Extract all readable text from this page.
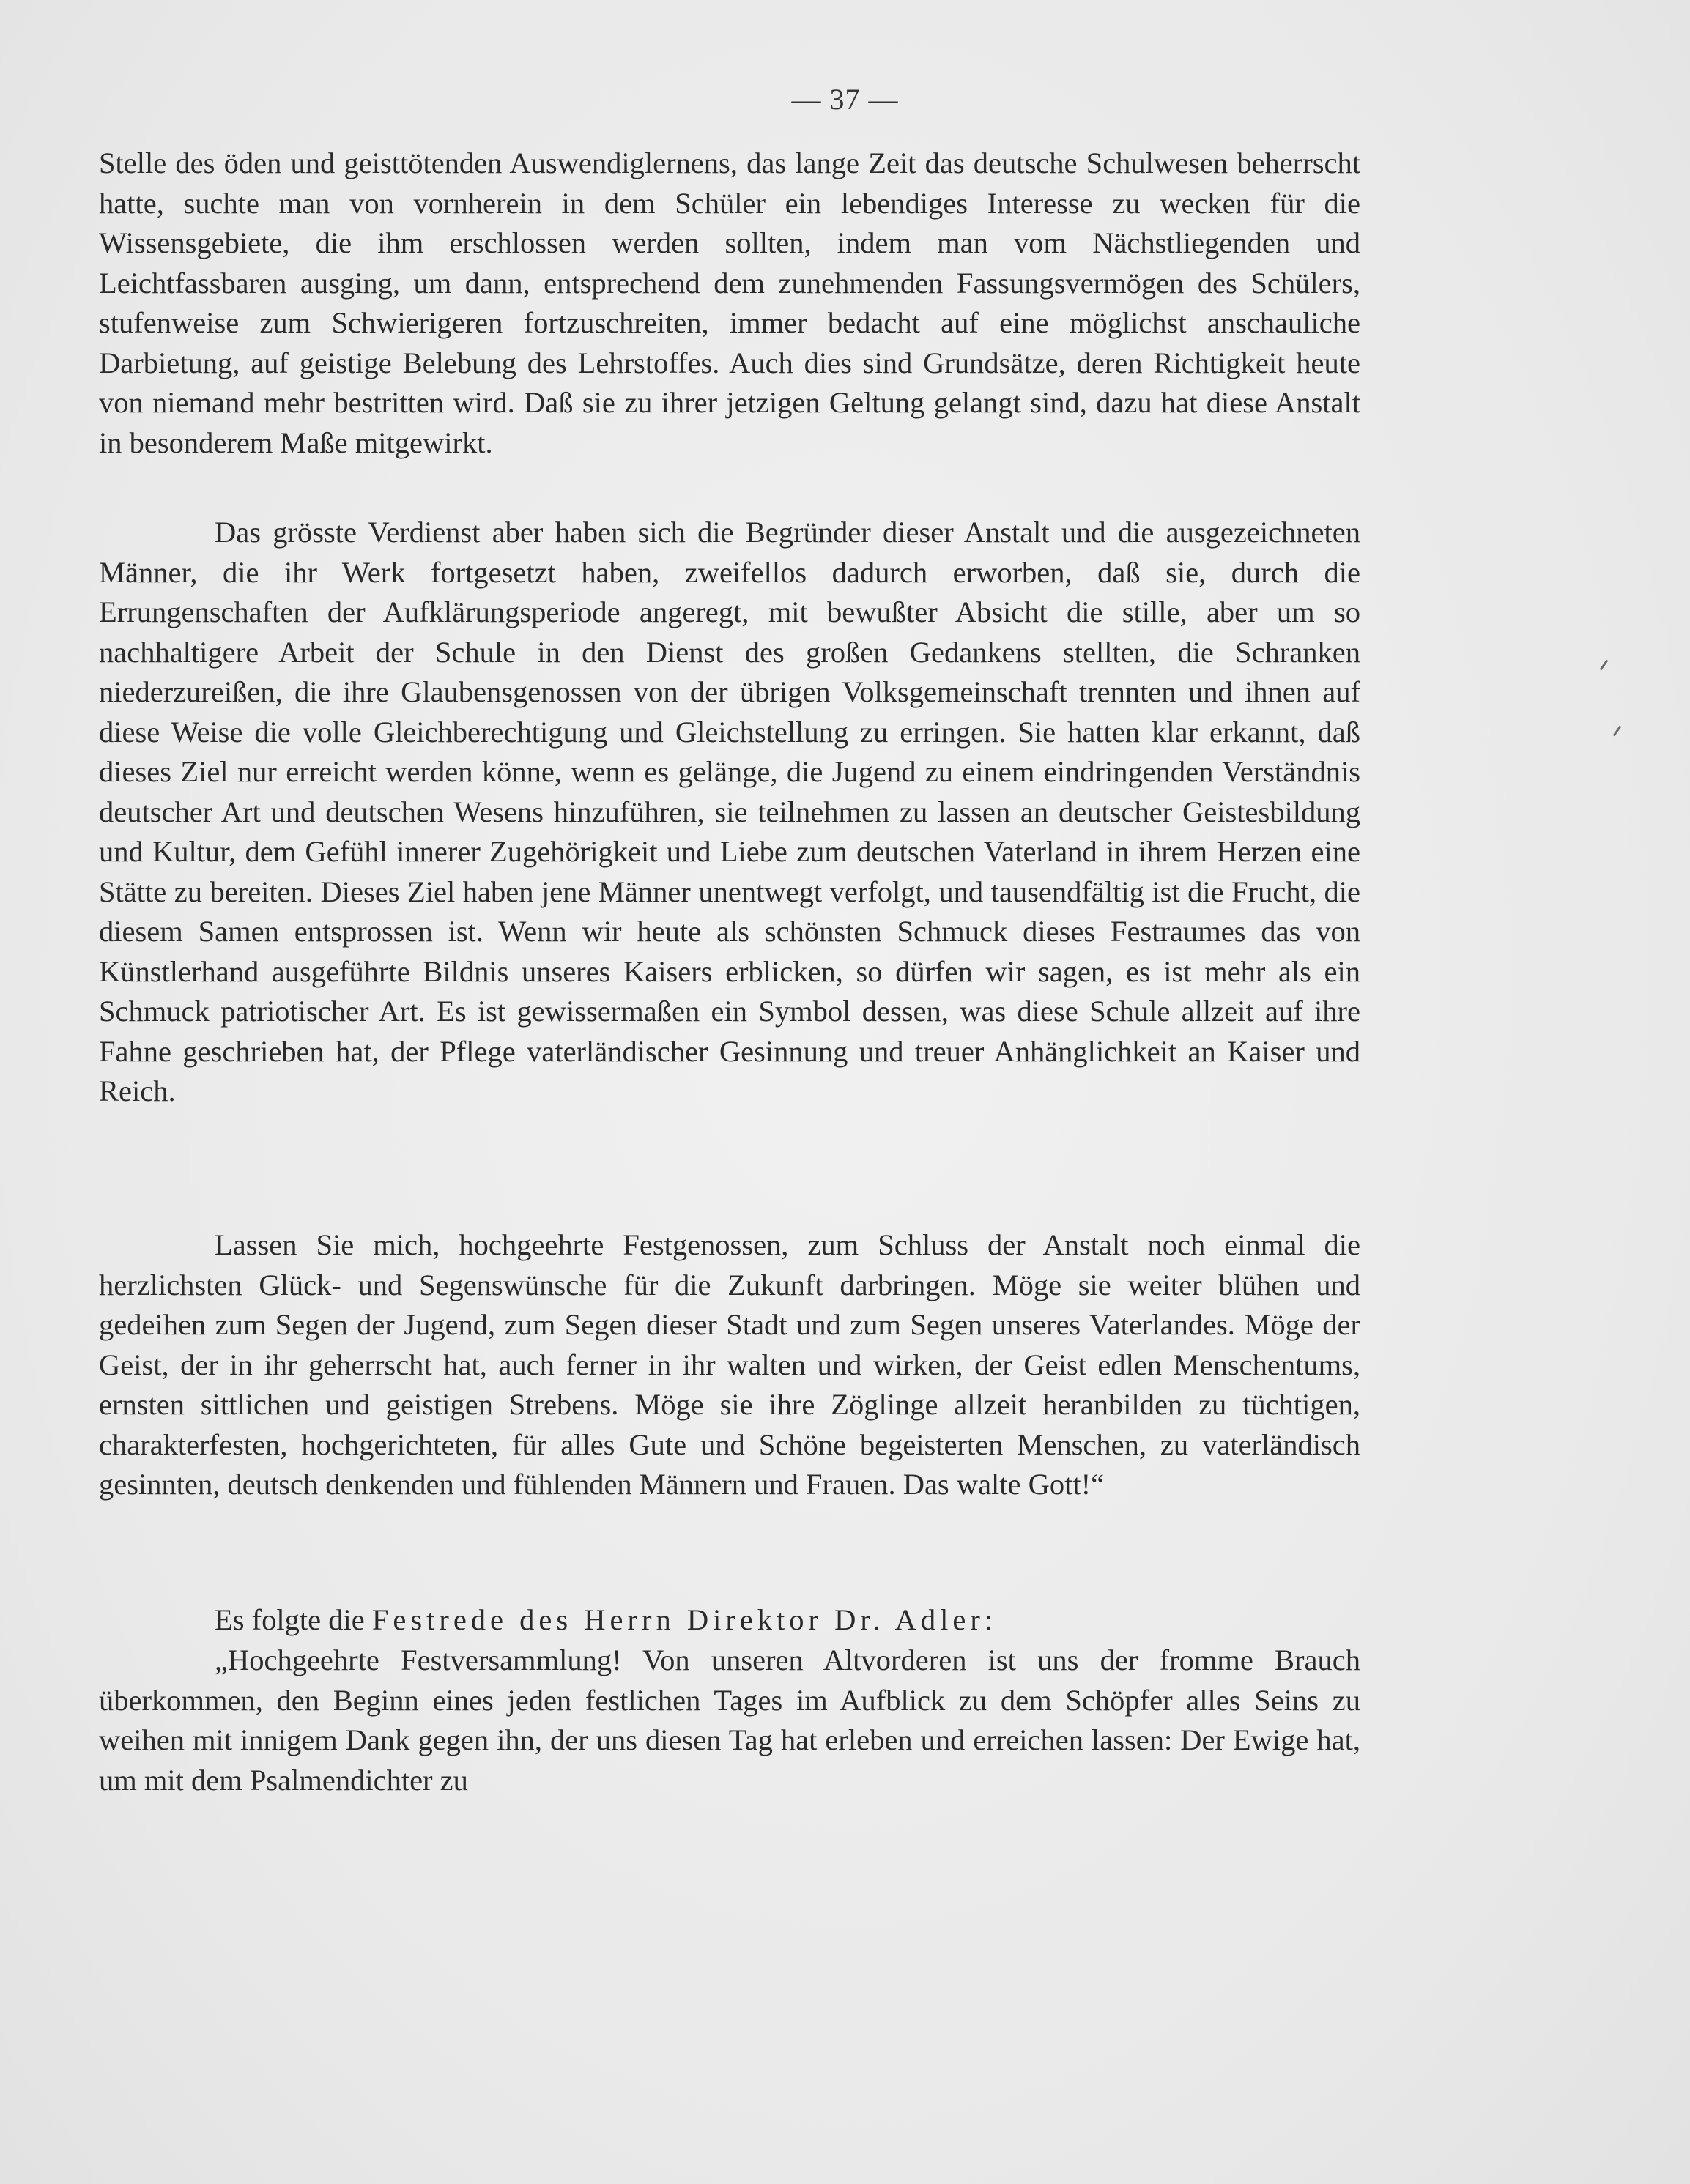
— 37 —

Stelle des öden und geisttötenden Auswendiglernens, das lange Zeit das deutsche Schulwesen beherrscht hatte, suchte man von vornherein in dem Schüler ein lebendiges Interesse zu wecken für die Wissensgebiete, die ihm erschlossen werden sollten, indem man vom Nächstliegenden und Leichtfassbaren ausging, um dann, entsprechend dem zunehmenden Fassungsvermögen des Schülers, stufenweise zum Schwierigeren fortzuschreiten, immer bedacht auf eine möglichst anschauliche Darbietung, auf geistige Belebung des Lehrstoffes. Auch dies sind Grundsätze, deren Richtigkeit heute von niemand mehr bestritten wird. Daß sie zu ihrer jetzigen Geltung gelangt sind, dazu hat diese Anstalt in besonderem Maße mitgewirkt.

Das grösste Verdienst aber haben sich die Begründer dieser Anstalt und die ausgezeichneten Männer, die ihr Werk fortgesetzt haben, zweifellos dadurch erworben, daß sie, durch die Errungenschaften der Aufklärungsperiode angeregt, mit bewußter Absicht die stille, aber um so nachhaltigere Arbeit der Schule in den Dienst des großen Gedankens stellten, die Schranken niederzureißen, die ihre Glaubensgenossen von der übrigen Volksgemeinschaft trennten und ihnen auf diese Weise die volle Gleichberechtigung und Gleichstellung zu erringen. Sie hatten klar erkannt, daß dieses Ziel nur erreicht werden könne, wenn es gelänge, die Jugend zu einem eindringenden Verständnis deutscher Art und deutschen Wesens hinzuführen, sie teilnehmen zu lassen an deutscher Geistesbildung und Kultur, dem Gefühl innerer Zugehörigkeit und Liebe zum deutschen Vaterland in ihrem Herzen eine Stätte zu bereiten. Dieses Ziel haben jene Männer unentwegt verfolgt, und tausendfältig ist die Frucht, die diesem Samen entsprossen ist. Wenn wir heute als schönsten Schmuck dieses Festraumes das von Künstlerhand ausgeführte Bildnis unseres Kaisers erblicken, so dürfen wir sagen, es ist mehr als ein Schmuck patriotischer Art. Es ist gewissermaßen ein Symbol dessen, was diese Schule allzeit auf ihre Fahne geschrieben hat, der Pflege vaterländischer Gesinnung und treuer Anhänglichkeit an Kaiser und Reich.

Lassen Sie mich, hochgeehrte Festgenossen, zum Schluss der Anstalt noch einmal die herzlichsten Glück- und Segenswünsche für die Zukunft darbringen. Möge sie weiter blühen und gedeihen zum Segen der Jugend, zum Segen dieser Stadt und zum Segen unseres Vaterlandes. Möge der Geist, der in ihr geherrscht hat, auch ferner in ihr walten und wirken, der Geist edlen Menschentums, ernsten sittlichen und geistigen Strebens. Möge sie ihre Zöglinge allzeit heranbilden zu tüchtigen, charakterfesten, hochgerichteten, für alles Gute und Schöne begeisterten Menschen, zu vaterländisch gesinnten, deutsch denkenden und fühlenden Männern und Frauen. Das walte Gott!“

Es folgte die Festrede des Herrn Direktor Dr. Adler:

„Hochgeehrte Festversammlung! Von unseren Altvorderen ist uns der fromme Brauch überkommen, den Beginn eines jeden festlichen Tages im Aufblick zu dem Schöpfer alles Seins zu weihen mit innigem Dank gegen ihn, der uns diesen Tag hat erleben und erreichen lassen: Der Ewige hat, um mit dem Psalmendichter zu
